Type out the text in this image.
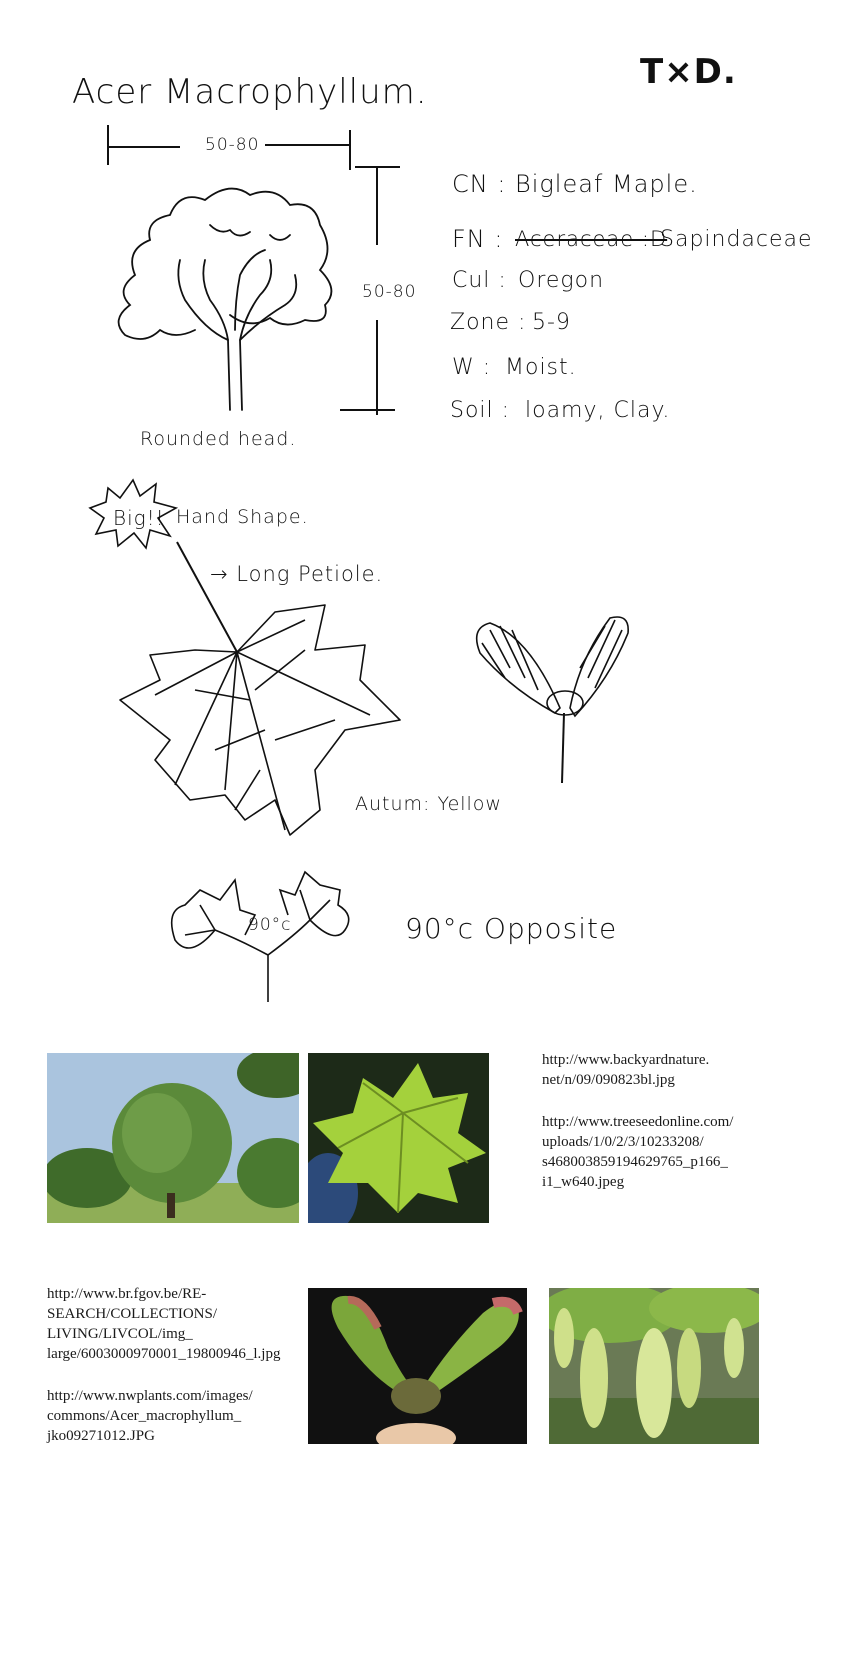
Acer Macrophyllum.	T×D.
50-80
50-80
Rounded head.
CN : Bigleaf Maple.
FN : Aceraceae :D
Sapindaceae
Cul : Oregon
Zone : 5-9
W : Moist.
Soil : loamy, Clay.
Big!! Hand Shape.
→ Long Petiole.
Autum: Yellow
90°c	90°c Opposite

http://www.backyardnature.
net/n/09/090823bl.jpg

http://www.treeseedonline.com/
uploads/1/0/2/3/10233208/
s468003859194629765_p166_
i1_w640.jpeg

http://www.br.fgov.be/RE-
SEARCH/COLLECTIONS/
LIVING/LIVCOL/img_
large/6003000970001_19800946_l.jpg

http://www.nwplants.com/images/
commons/Acer_macrophyllum_
jko09271012.JPG
